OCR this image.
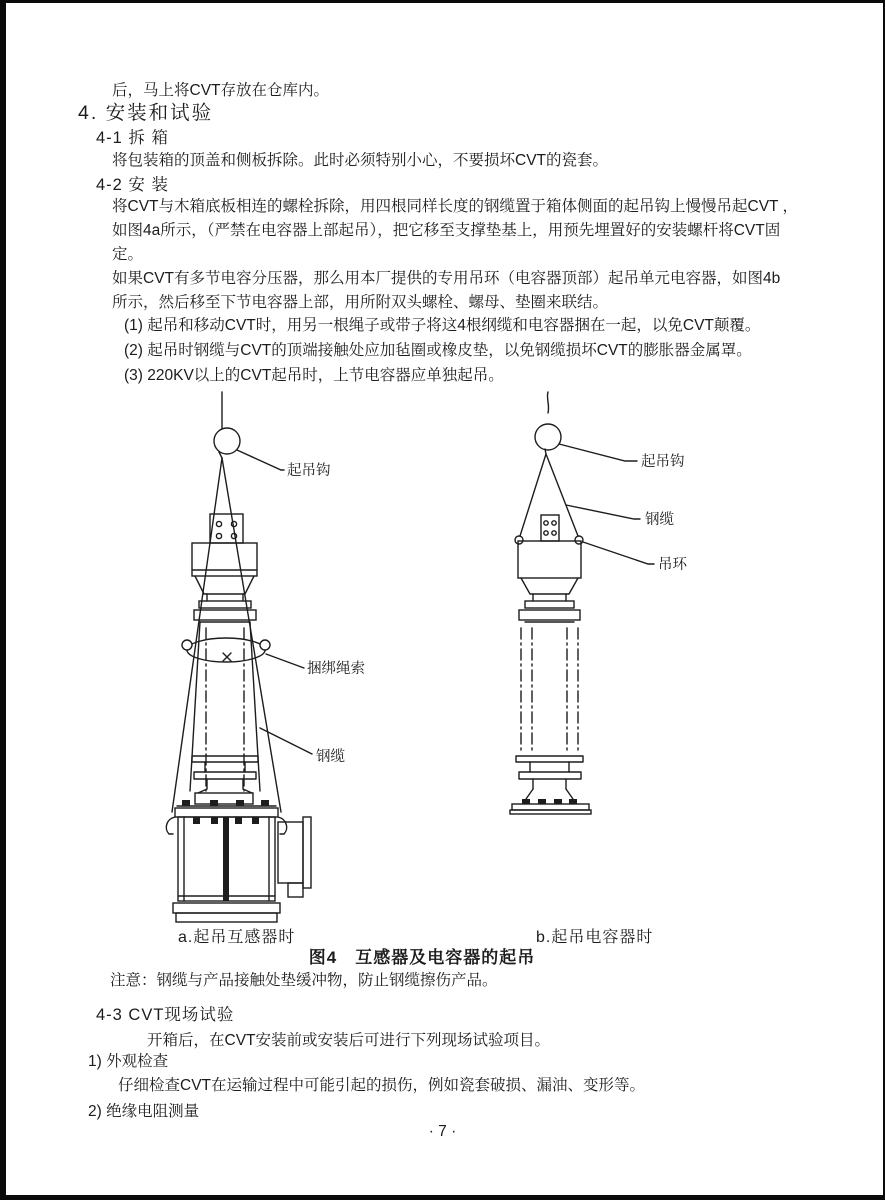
后，马上将CVT存放在仓库内。
4. 安装和试验
4-1 拆 箱
将包装箱的顶盖和侧板拆除。此时必须特别小心，不要损坏CVT的瓷套。
4-2 安 装
将CVT与木箱底板相连的螺栓拆除，用四根同样长度的钢缆置于箱体侧面的起吊钩上慢慢吊起CVT ，
如图4a所示，（严禁在电容器上部起吊），把它移至支撑垫基上，用预先埋置好的安装螺杆将CVT固
定。
如果CVT有多节电容分压器，那么用本厂提供的专用吊环（电容器顶部）起吊单元电容器，如图4b
所示，然后移至下节电容器上部，用所附双头螺栓、螺母、垫圈来联结。
(1) 起吊和移动CVT时，用另一根绳子或带子将这4根纲缆和电容器捆在一起，以免CVT颠覆。
(2) 起吊时钢缆与CVT的顶端接触处应加毡圈或橡皮垫，以免钢缆损坏CVT的膨胀器金属罩。
(3) 220KV以上的CVT起吊时，上节电容器应单独起吊。
起吊钩
捆绑绳索
钢缆
起吊钩
钢缆
吊环
a.起吊互感器时	b.起吊电容器时
图4　互感器及电容器的起吊
注意：钢缆与产品接触处垫缓冲物，防止钢缆擦伤产品。
4-3 CVT现场试验
开箱后，在CVT安装前或安装后可进行下列现场试验项目。
1) 外观检查
仔细检查CVT在运输过程中可能引起的损伤，例如瓷套破损、漏油、变形等。
2) 绝缘电阻测量
· 7 ·
